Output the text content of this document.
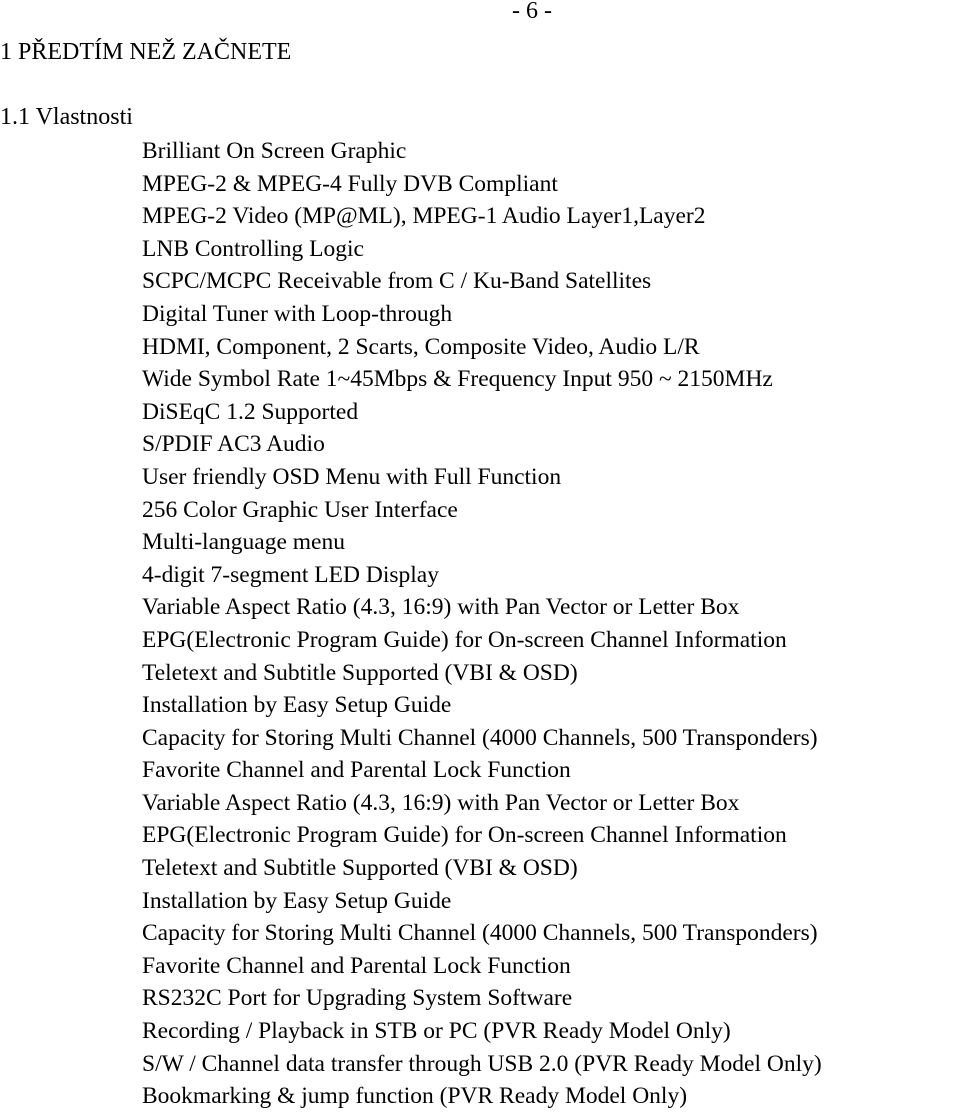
- 6 -
1 PŘEDTÍM NEŽ ZAČNETE
1.1 Vlastnosti
Brilliant On Screen Graphic
MPEG-2 & MPEG-4 Fully DVB Compliant
MPEG-2 Video (MP@ML), MPEG-1 Audio Layer1,Layer2
LNB Controlling Logic
SCPC/MCPC Receivable from C / Ku-Band Satellites
Digital Tuner with Loop-through
HDMI, Component, 2 Scarts, Composite Video, Audio L/R
Wide Symbol Rate 1~45Mbps & Frequency Input 950 ~ 2150MHz
DiSEqC 1.2 Supported
S/PDIF AC3 Audio
User friendly OSD Menu with Full Function
256 Color Graphic User Interface
Multi-language menu
4-digit 7-segment LED Display
Variable Aspect Ratio (4.3, 16:9) with Pan Vector or Letter Box
EPG(Electronic Program Guide) for On-screen Channel Information
Teletext and Subtitle Supported (VBI & OSD)
Installation by Easy Setup Guide
Capacity for Storing Multi Channel (4000 Channels, 500 Transponders)
Favorite Channel and Parental Lock Function
Variable Aspect Ratio (4.3, 16:9) with Pan Vector or Letter Box
EPG(Electronic Program Guide) for On-screen Channel Information
Teletext and Subtitle Supported (VBI & OSD)
Installation by Easy Setup Guide
Capacity for Storing Multi Channel (4000 Channels, 500 Transponders)
Favorite Channel and Parental Lock Function
RS232C Port for Upgrading System Software
Recording / Playback in STB or PC (PVR Ready Model Only)
S/W / Channel data transfer through USB 2.0 (PVR Ready Model Only)
Bookmarking & jump function (PVR Ready Model Only)
